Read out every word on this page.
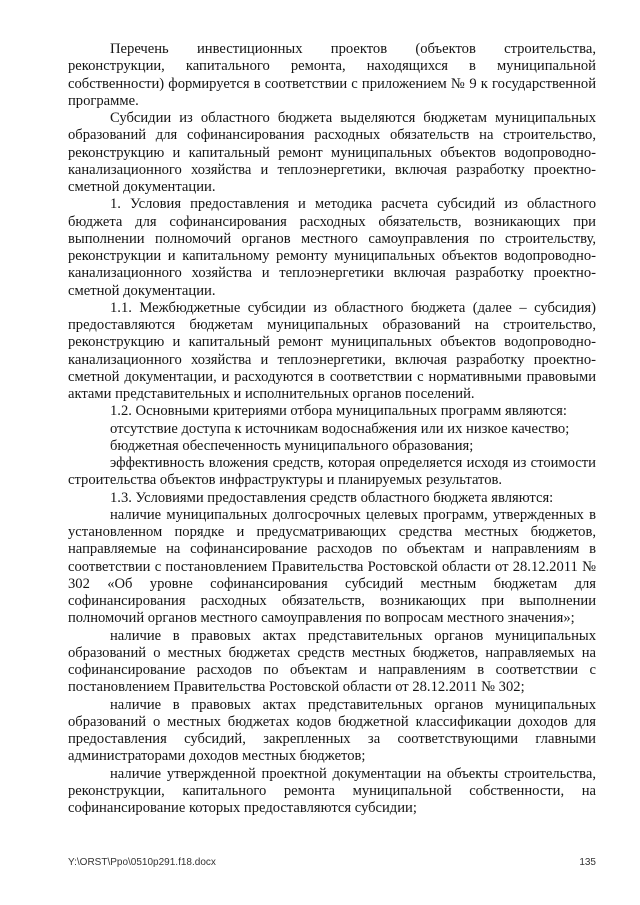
Перечень инвестиционных проектов (объектов строительства, реконструкции, капитального ремонта, находящихся в муниципальной собственности) формируется в соответствии с приложением № 9 к государственной программе.

Субсидии из областного бюджета выделяются бюджетам муниципальных образований для софинансирования расходных обязательств на строительство, реконструкцию и капитальный ремонт муниципальных объектов водопроводно-канализационного хозяйства и теплоэнергетики, включая разработку проектно-сметной документации.

1. Условия предоставления и методика расчета субсидий из областного бюджета для софинансирования расходных обязательств, возникающих при выполнении полномочий органов местного самоуправления по строительству, реконструкции и капитальному ремонту муниципальных объектов водопроводно-канализационного хозяйства и теплоэнергетики включая разработку проектно-сметной документации.

1.1. Межбюджетные субсидии из областного бюджета (далее – субсидия) предоставляются бюджетам муниципальных образований на строительство, реконструкцию и капитальный ремонт муниципальных объектов водопроводно-канализационного хозяйства и теплоэнергетики, включая разработку проектно-сметной документации, и расходуются в соответствии с нормативными правовыми актами представительных и исполнительных органов поселений.

1.2. Основными критериями отбора муниципальных программ являются:

отсутствие доступа к источникам водоснабжения или их низкое качество;

бюджетная обеспеченность муниципального образования;

эффективность вложения средств, которая определяется исходя из стоимости строительства объектов инфраструктуры и планируемых результатов.

1.3. Условиями предоставления средств областного бюджета являются:

наличие муниципальных долгосрочных целевых программ, утвержденных в установленном порядке и предусматривающих средства местных бюджетов, направляемые на софинансирование расходов по объектам и направлениям в соответствии с постановлением Правительства Ростовской области от 28.12.2011 № 302 «Об уровне софинансирования субсидий местным бюджетам для софинансирования расходных обязательств, возникающих при выполнении полномочий органов местного самоуправления по вопросам местного значения»;

наличие в правовых актах представительных органов муниципальных образований о местных бюджетах средств местных бюджетов, направляемых на софинансирование расходов по объектам и направлениям в соответствии с постановлением Правительства Ростовской области от 28.12.2011 № 302;

наличие в правовых актах представительных органов муниципальных образований о местных бюджетах кодов бюджетной классификации доходов для предоставления субсидий, закрепленных за соответствующими главными администраторами доходов местных бюджетов;

наличие утвержденной проектной документации на объекты строительства, реконструкции, капитального ремонта муниципальной собственности, на софинансирование которых предоставляются субсидии;

Y:\ORST\Ppo\0510p291.f18.docx	135
